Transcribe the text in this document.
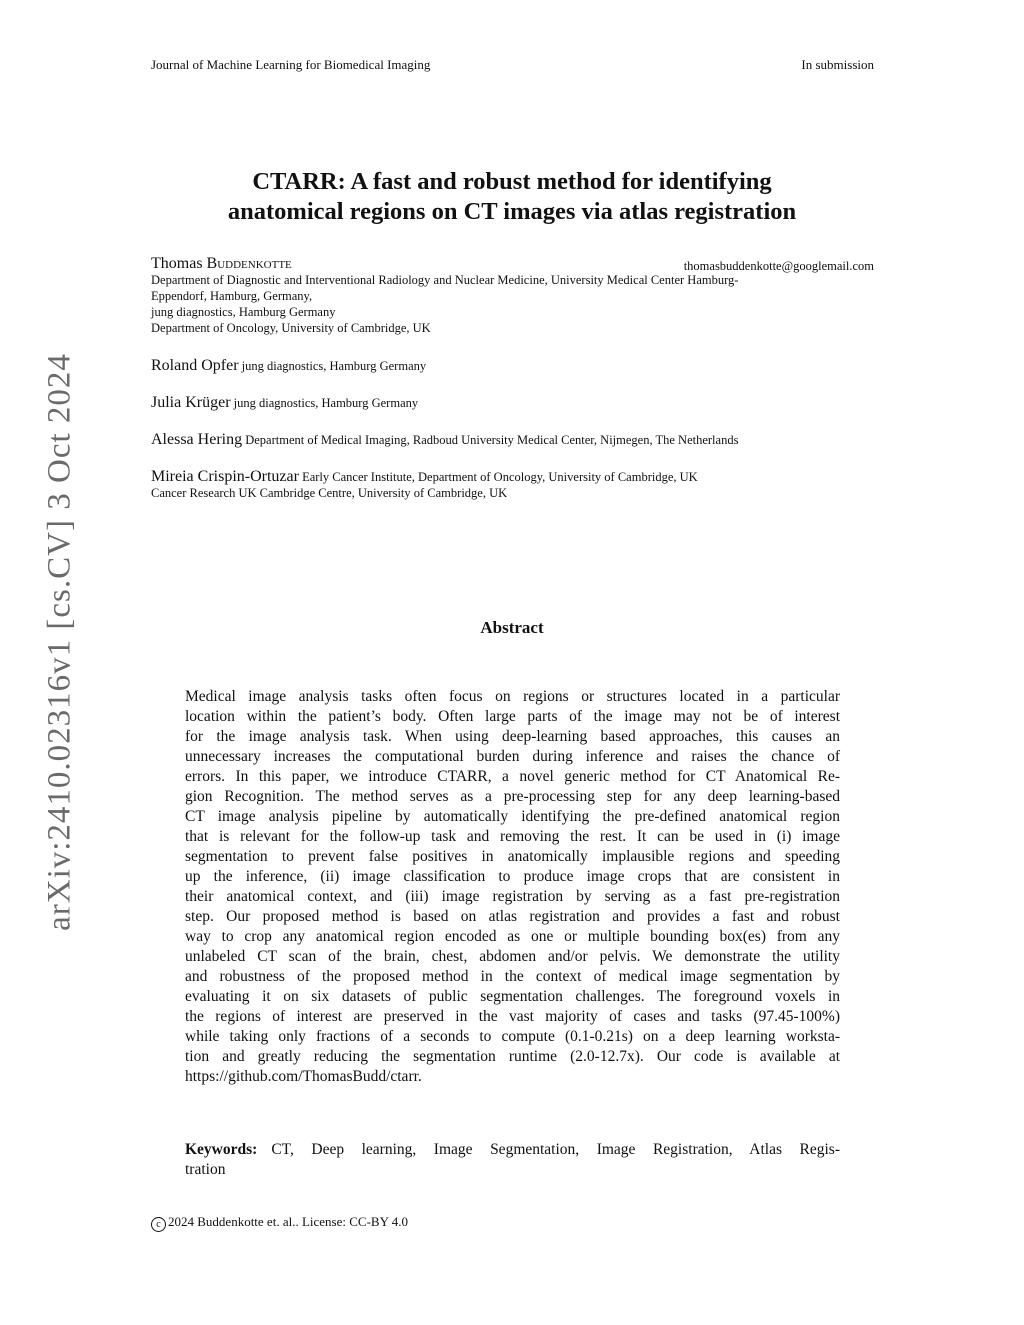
Journal of Machine Learning for Biomedical Imaging	In submission
arXiv:2410.02316v1 [cs.CV] 3 Oct 2024
CTARR: A fast and robust method for identifying
anatomical regions on CT images via atlas registration
Thomas Buddenkotte	thomasbuddenkotte@googlemail.com
Department of Diagnostic and Interventional Radiology and Nuclear Medicine, University Medical Center Hamburg-
Eppendorf, Hamburg, Germany,
jung diagnostics, Hamburg Germany
Department of Oncology, University of Cambridge, UK
Roland Opfer jung diagnostics, Hamburg Germany
Julia Krüger jung diagnostics, Hamburg Germany
Alessa Hering Department of Medical Imaging, Radboud University Medical Center, Nijmegen, The Netherlands
Mireia Crispin-Ortuzar Early Cancer Institute, Department of Oncology, University of Cambridge, UK
Cancer Research UK Cambridge Centre, University of Cambridge, UK
Abstract
Medical image analysis tasks often focus on regions or structures located in a particular
location within the patient’s body. Often large parts of the image may not be of interest
for the image analysis task. When using deep-learning based approaches, this causes an
unnecessary increases the computational burden during inference and raises the chance of
errors. In this paper, we introduce CTARR, a novel generic method for CT Anatomical Re-
gion Recognition. The method serves as a pre-processing step for any deep learning-based
CT image analysis pipeline by automatically identifying the pre-defined anatomical region
that is relevant for the follow-up task and removing the rest. It can be used in (i) image
segmentation to prevent false positives in anatomically implausible regions and speeding
up the inference, (ii) image classification to produce image crops that are consistent in
their anatomical context, and (iii) image registration by serving as a fast pre-registration
step. Our proposed method is based on atlas registration and provides a fast and robust
way to crop any anatomical region encoded as one or multiple bounding box(es) from any
unlabeled CT scan of the brain, chest, abdomen and/or pelvis. We demonstrate the utility
and robustness of the proposed method in the context of medical image segmentation by
evaluating it on six datasets of public segmentation challenges. The foreground voxels in
the regions of interest are preserved in the vast majority of cases and tasks (97.45-100%)
while taking only fractions of a seconds to compute (0.1-0.21s) on a deep learning worksta-
tion and greatly reducing the segmentation runtime (2.0-12.7x). Our code is available at
https://github.com/ThomasBudd/ctarr.
Keywords: CT, Deep learning, Image Segmentation, Image Registration, Atlas Regis-
tration
c 2024 Buddenkotte et. al.. License: CC-BY 4.0
